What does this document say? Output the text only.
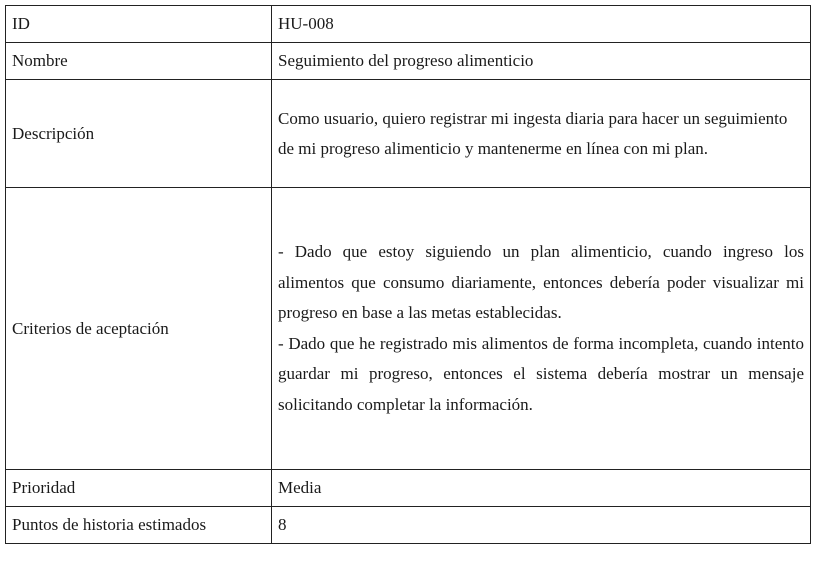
ID	HU-008
Nombre	Seguimiento del progreso alimenticio
Descripción	Como usuario, quiero registrar mi ingesta diaria para hacer un seguimiento de mi progreso alimenticio y mantenerme en línea con mi plan.
Criterios de aceptación	- Dado que estoy siguiendo un plan alimenticio, cuando ingreso los alimentos que consumo diariamente, entonces debería poder visualizar mi progreso en base a las metas establecidas.
- Dado que he registrado mis alimentos de forma incompleta, cuando intento guardar mi progreso, entonces el sistema debería mostrar un mensaje solicitando completar la información.

Prioridad	Media
Puntos de historia estimados	8
